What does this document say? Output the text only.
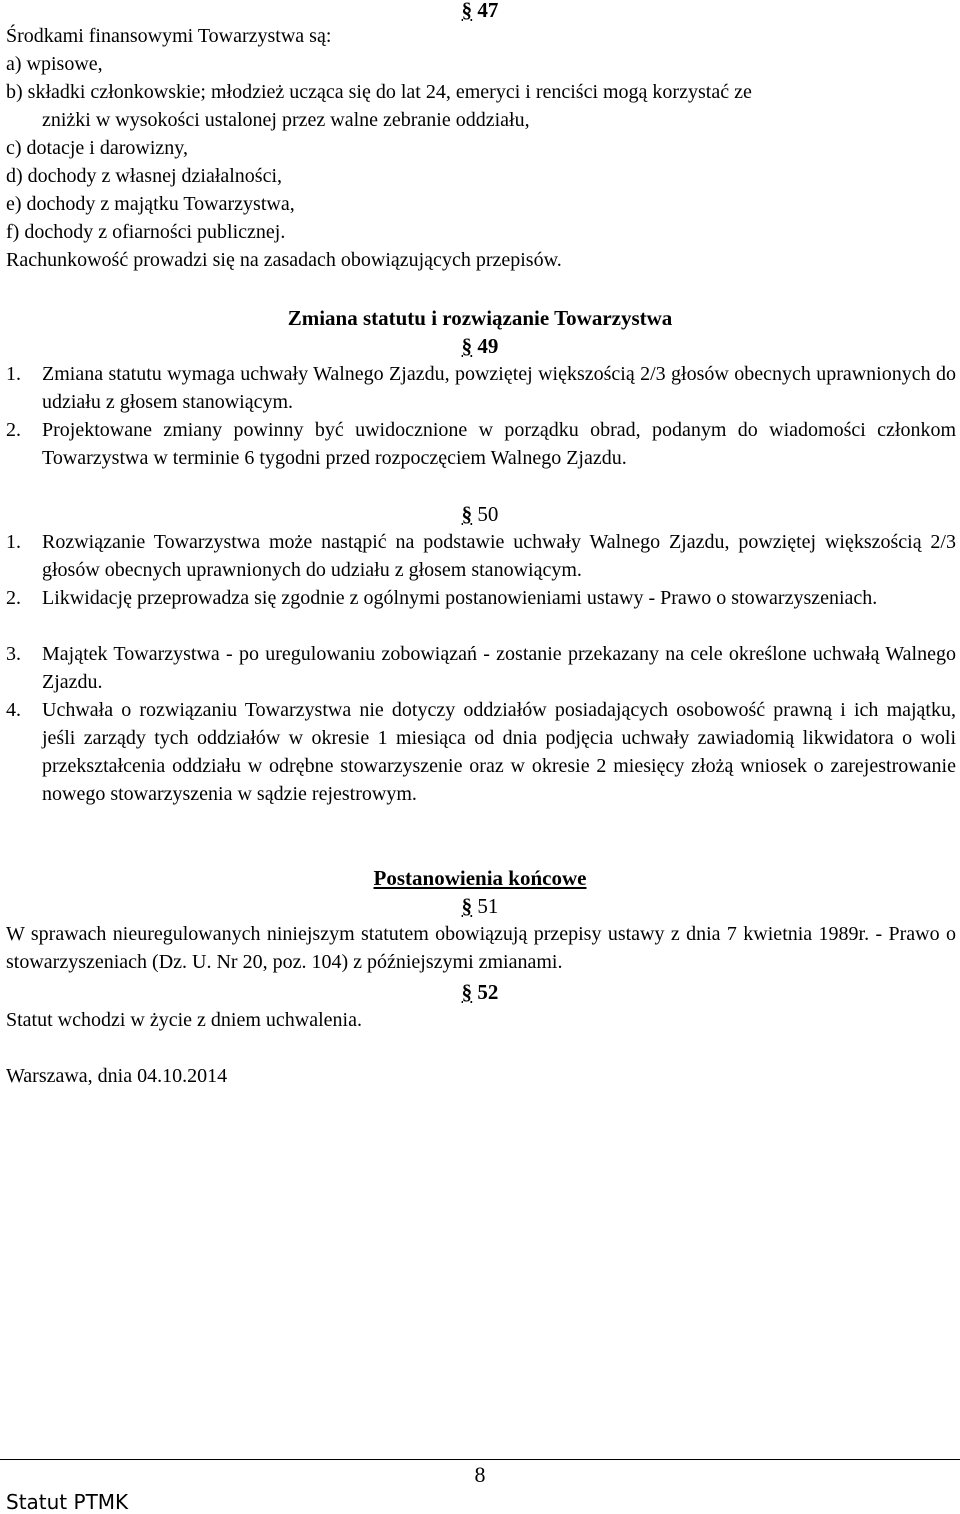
§ 47
Środkami finansowymi Towarzystwa są:
a) wpisowe,
b) składki członkowskie; młodzież ucząca się do lat 24, emeryci i renciści mogą korzystać ze
zniżki w wysokości ustalonej przez walne zebranie oddziału,
c) dotacje i darowizny,
d) dochody z własnej działalności,
e) dochody z majątku Towarzystwa,
f) dochody z ofiarności publicznej.
Rachunkowość prowadzi się na zasadach obowiązujących przepisów.
Zmiana statutu i rozwiązanie Towarzystwa
§ 49
1. Zmiana statutu wymaga uchwały Walnego Zjazdu, powziętej większością 2/3 głosów obecnych uprawnionych do udziału z głosem stanowiącym.
2. Projektowane zmiany powinny być uwidocznione w porządku obrad, podanym do wiadomości członkom Towarzystwa w terminie 6 tygodni przed rozpoczęciem Walnego Zjazdu.
§ 50
1. Rozwiązanie Towarzystwa może nastąpić na podstawie uchwały Walnego Zjazdu, powziętej większością 2/3 głosów obecnych uprawnionych do udziału z głosem stanowiącym.
2. Likwidację przeprowadza się zgodnie z ogólnymi postanowieniami ustawy - Prawo o stowarzyszeniach.
3. Majątek Towarzystwa - po uregulowaniu zobowiązań - zostanie przekazany na cele określone uchwałą Walnego Zjazdu.
4. Uchwała o rozwiązaniu Towarzystwa nie dotyczy oddziałów posiadających osobowość prawną i ich majątku, jeśli zarządy tych oddziałów w okresie 1 miesiąca od dnia podjęcia uchwały zawiadomią likwidatora o woli przekształcenia oddziału w odrębne stowarzyszenie oraz w okresie 2 miesięcy złożą wniosek o zarejestrowanie nowego stowarzyszenia w sądzie rejestrowym.
Postanowienia końcowe
§ 51
W sprawach nieuregulowanych niniejszym statutem obowiązują przepisy ustawy z dnia 7 kwietnia 1989r. - Prawo o stowarzyszeniach (Dz. U. Nr 20, poz. 104) z późniejszymi zmianami.
§ 52
Statut wchodzi w życie z dniem uchwalenia.
Warszawa, dnia 04.10.2014
8
Statut PTMK
